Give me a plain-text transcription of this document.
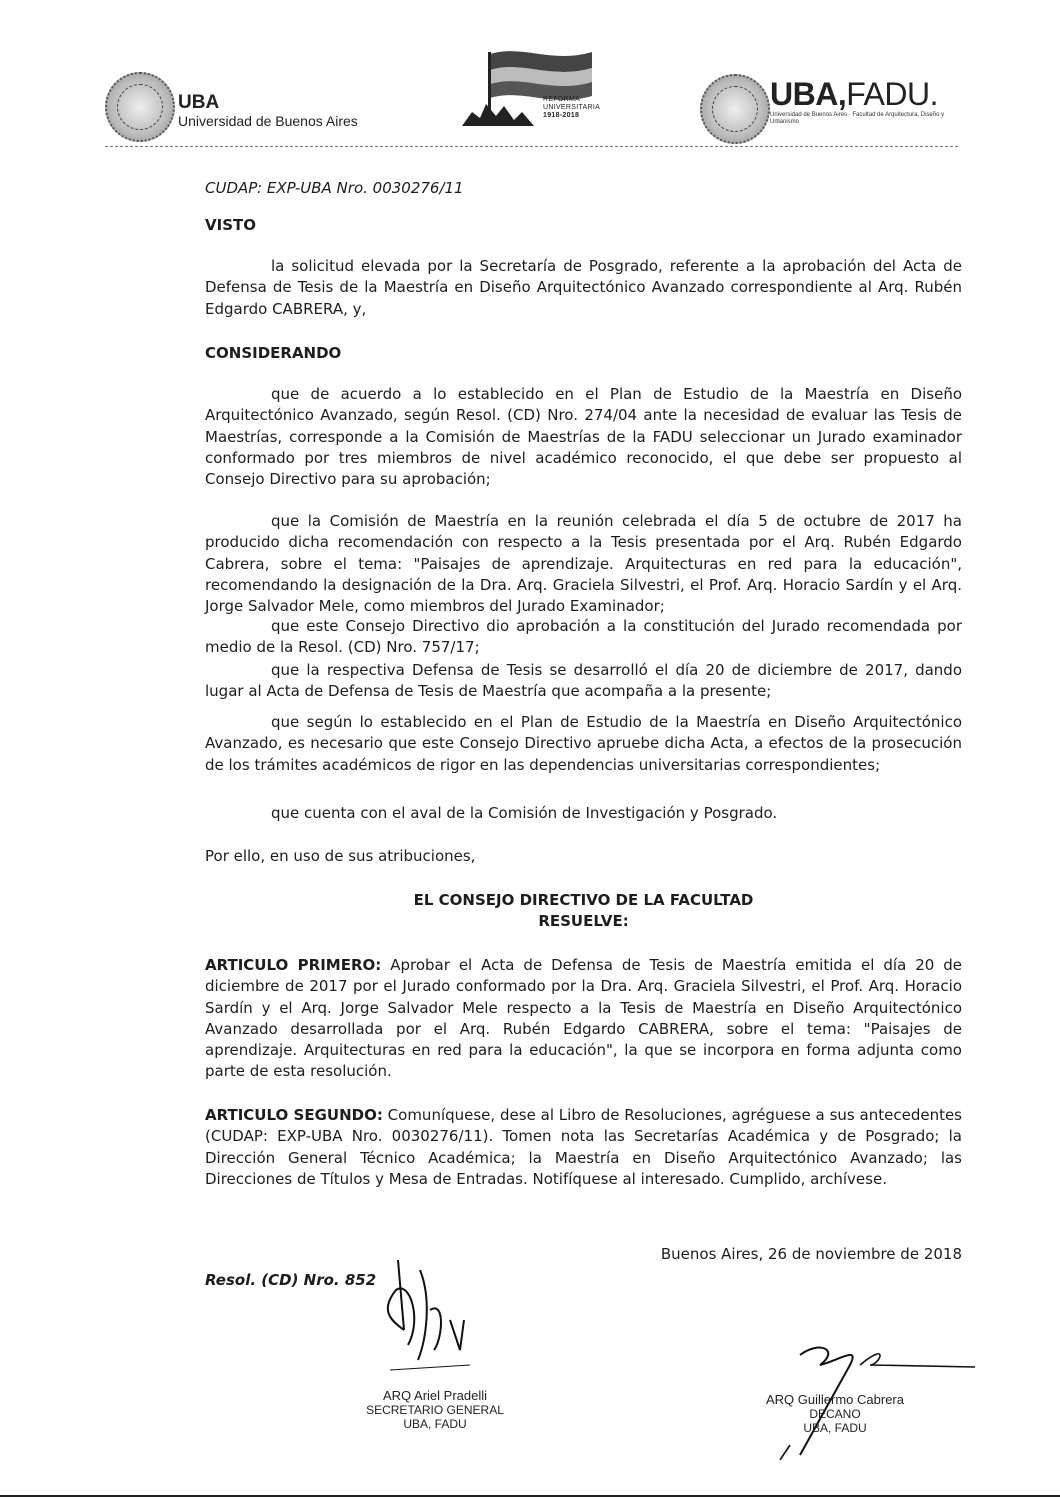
UBA
Universidad de Buenos Aires
REFORMA
UNIVERSITARIA
1918-2018
UBA,FADU.
Universidad de Buenos Aires · Facultad de Arquitectura, Diseño y Urbanismo
CUDAP: EXP-UBA Nro. 0030276/11
VISTO
la solicitud elevada por la Secretaría de Posgrado, referente a la aprobación del Acta de Defensa de Tesis de la Maestría en Diseño Arquitectónico Avanzado correspondiente al Arq. Rubén Edgardo CABRERA, y,
CONSIDERANDO
que de acuerdo a lo establecido en el Plan de Estudio de la Maestría en Diseño Arquitectónico Avanzado, según Resol. (CD) Nro. 274/04 ante la necesidad de evaluar las Tesis de Maestrías, corresponde a la Comisión de Maestrías de la FADU seleccionar un Jurado examinador conformado por tres miembros de nivel académico reconocido, el que debe ser propuesto al Consejo Directivo para su aprobación;
que la Comisión de Maestría en la reunión celebrada el día 5 de octubre de 2017 ha producido dicha recomendación con respecto a la Tesis presentada por el Arq. Rubén Edgardo Cabrera, sobre el tema: "Paisajes de aprendizaje. Arquitecturas en red para la educación", recomendando la designación de la Dra. Arq. Graciela Silvestri, el Prof. Arq. Horacio Sardín y el Arq. Jorge Salvador Mele, como miembros del Jurado Examinador;
que este Consejo Directivo dio aprobación a la constitución del Jurado recomendada por medio de la Resol. (CD) Nro. 757/17;
que la respectiva Defensa de Tesis se desarrolló el día 20 de diciembre de 2017, dando lugar al Acta de Defensa de Tesis de Maestría que acompaña a la presente;
que según lo establecido en el Plan de Estudio de la Maestría en Diseño Arquitectónico Avanzado, es necesario que este Consejo Directivo apruebe dicha Acta, a efectos de la prosecución de los trámites académicos de rigor en las dependencias universitarias correspondientes;
que cuenta con el aval de la Comisión de Investigación y Posgrado.
Por ello, en uso de sus atribuciones,
EL CONSEJO DIRECTIVO DE LA FACULTAD
RESUELVE:
ARTICULO PRIMERO: Aprobar el Acta de Defensa de Tesis de Maestría emitida el día 20 de diciembre de 2017 por el Jurado conformado por la Dra. Arq. Graciela Silvestri, el Prof. Arq. Horacio Sardín y el Arq. Jorge Salvador Mele respecto a la Tesis de Maestría en Diseño Arquitectónico Avanzado desarrollada por el Arq. Rubén Edgardo CABRERA, sobre el tema: "Paisajes de aprendizaje. Arquitecturas en red para la educación", la que se incorpora en forma adjunta como parte de esta resolución.
ARTICULO SEGUNDO: Comuníquese, dese al Libro de Resoluciones, agréguese a sus antecedentes (CUDAP: EXP-UBA Nro. 0030276/11). Tomen nota las Secretarías Académica y de Posgrado; la Dirección General Técnico Académica; la Maestría en Diseño Arquitectónico Avanzado; las Direcciones de Títulos y Mesa de Entradas. Notifíquese al interesado. Cumplido, archívese.
Buenos Aires, 26 de noviembre de 2018
Resol. (CD) Nro. 852
ARQ Ariel Pradelli
SECRETARIO GENERAL
UBA, FADU
ARQ Guillermo Cabrera
DECANO
UBA, FADU
